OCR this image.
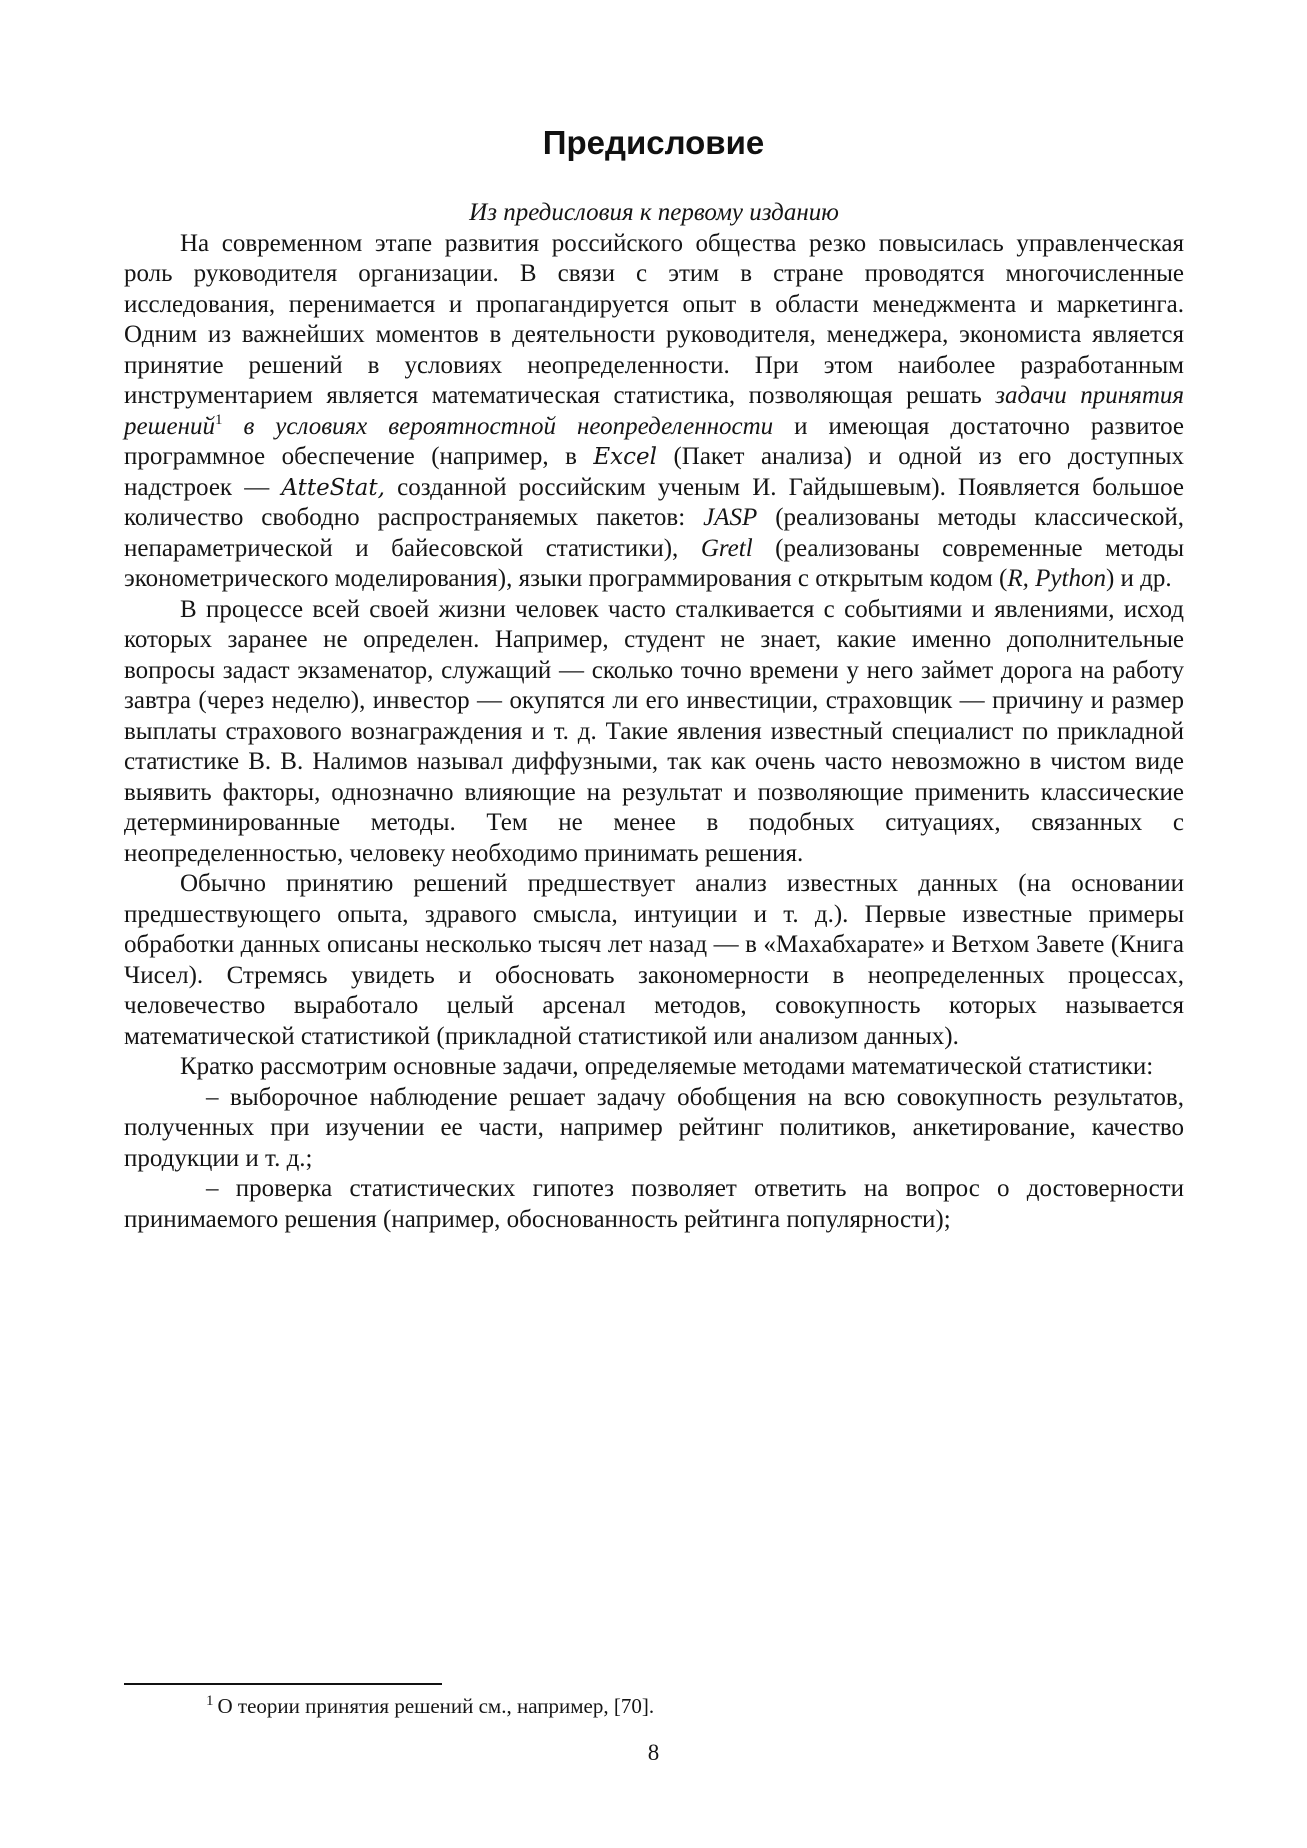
Предисловие

Из предисловия к первому изданию

На современном этапе развития российского общества резко повысилась управленческая роль руководителя организации. В связи с этим в стране проводятся многочисленные исследования, перенимается и пропагандируется опыт в области менеджмента и маркетинга. Одним из важнейших моментов в деятельности руководителя, менеджера, экономиста является принятие решений в условиях неопределенности. При этом наиболее разработанным инструментарием является математическая статистика, позволяющая решать задачи принятия решений$^1$ в условиях вероятностной неопределенности и имеющая достаточно развитое программное обеспечение (например, в Excel (Пакет анализа) и одной из его доступных надстроек — AtteStat, созданной российским ученым И. Гайдышевым). Появляется большое количество свободно распространяемых пакетов: JASP (реализованы методы классической, непараметрической и байесовской статистики), Gretl (реализованы современные методы эконометрического моделирования), языки программирования с открытым кодом (R, Python) и др.

В процессе всей своей жизни человек часто сталкивается с событиями и явлениями, исход которых заранее не определен. Например, студент не знает, какие именно дополнительные вопросы задаст экзаменатор, служащий — сколько точно времени у него займет дорога на работу завтра (через неделю), инвестор — окупятся ли его инвестиции, страховщик — причину и размер выплаты страхового вознаграждения и т. д. Такие явления известный специалист по прикладной статистике В. В. Налимов называл диффузными, так как очень часто невозможно в чистом виде выявить факторы, однозначно влияющие на результат и позволяющие применить классические детерминированные методы. Тем не менее в подобных ситуациях, связанных с неопределенностью, человеку необходимо принимать решения.

Обычно принятию решений предшествует анализ известных данных (на основании предшествующего опыта, здравого смысла, интуиции и т. д.). Первые известные примеры обработки данных описаны несколько тысяч лет назад — в «Махабхарате» и Ветхом Завете (Книга Чисел). Стремясь увидеть и обосновать закономерности в неопределенных процессах, человечество выработало целый арсенал методов, совокупность которых называется математической статистикой (прикладной статистикой или анализом данных).

Кратко рассмотрим основные задачи, определяемые методами математической статистики:

– выборочное наблюдение решает задачу обобщения на всю совокупность результатов, полученных при изучении ее части, например рейтинг политиков, анкетирование, качество продукции и т. д.;

– проверка статистических гипотез позволяет ответить на вопрос о достоверности принимаемого решения (например, обоснованность рейтинга популярности);

$^1$ О теории принятия решений см., например, [70].
8
